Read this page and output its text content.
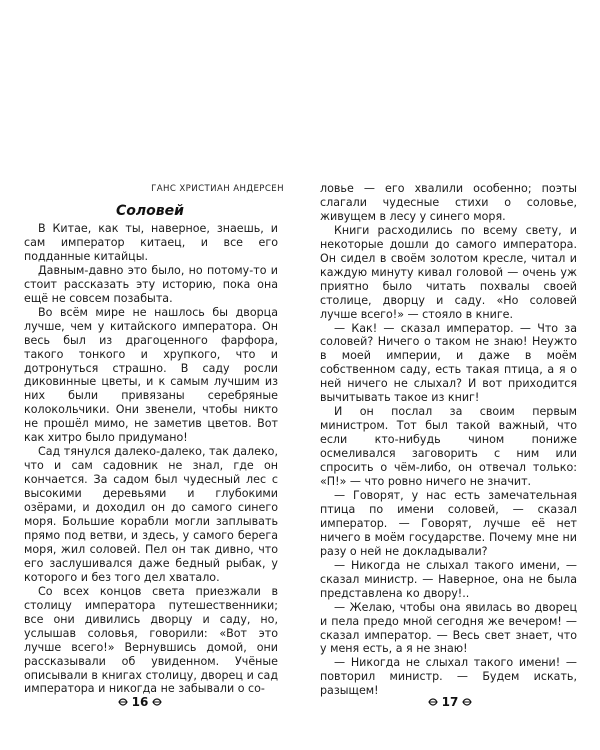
ГАНС ХРИСТИАН АНДЕРСЕН
Соловей

В Китае, как ты, наверное, знаешь, и сам император китаец, и все его подданные китайцы.

Давным-давно это было, но потому-то и стоит рассказать эту историю, пока она ещё не совсем позабыта.

Во всём мире не нашлось бы дворца лучше, чем у китайского императора. Он весь был из драгоценного фарфора, такого тонкого и хрупкого, что и дотронуться страшно. В саду росли диковинные цветы, и к самым лучшим из них были привязаны серебряные колокольчики. Они звенели, чтобы никто не прошёл мимо, не заметив цветов. Вот как хитро было придумано!

Сад тянулся далеко-далеко, так далеко, что и сам садовник не знал, где он кончается. За садом был чудесный лес с высокими деревьями и глубокими озёрами, и доходил он до самого синего моря. Большие корабли могли заплывать прямо под ветви, и здесь, у самого берега моря, жил соловей. Пел он так дивно, что его заслушивался даже бедный рыбак, у которого и без того дел хватало.

Со всех концов света приезжали в столицу императора путешественники; все они дивились дворцу и саду, но, услышав соловья, говорили: «Вот это лучше всего!» Вернувшись домой, они рассказывали об увиденном. Учёные описывали в книгах столицу, дворец и сад императора и никогда не забывали о со-

16

ловье — его хвалили особенно; поэты слагали чудесные стихи о соловье, живущем в лесу у синего моря.

Книги расходились по всему свету, и некоторые дошли до самого императора. Он сидел в своём золотом кресле, читал и каждую минуту кивал головой — очень уж приятно было читать похвалы своей столице, дворцу и саду. «Но соловей лучше всего!» — стояло в книге.

— Как! — сказал император. — Что за соловей? Ничего о таком не знаю! Неужто в моей империи, и даже в моём собственном саду, есть такая птица, а я о ней ничего не слыхал? И вот приходится вычитывать такое из книг!

И он послал за своим первым министром. Тот был такой важный, что если кто-нибудь чином пониже осмеливался заговорить с ним или спросить о чём-либо, он отвечал только: «П!» — что ровно ничего не значит.

— Говорят, у нас есть замечательная птица по имени соловей, — сказал император. — Говорят, лучше её нет ничего в моём государстве. Почему мне ни разу о ней не докладывали?

— Никогда не слыхал такого имени, — сказал министр. — Наверное, она не была представлена ко двору!..

— Желаю, чтобы она явилась во дворец и пела предо мной сегодня же вечером! — сказал император. — Весь свет знает, что у меня есть, а я не знаю!

— Никогда не слыхал такого имени! — повторил министр. — Будем искать, разыщем!

17
